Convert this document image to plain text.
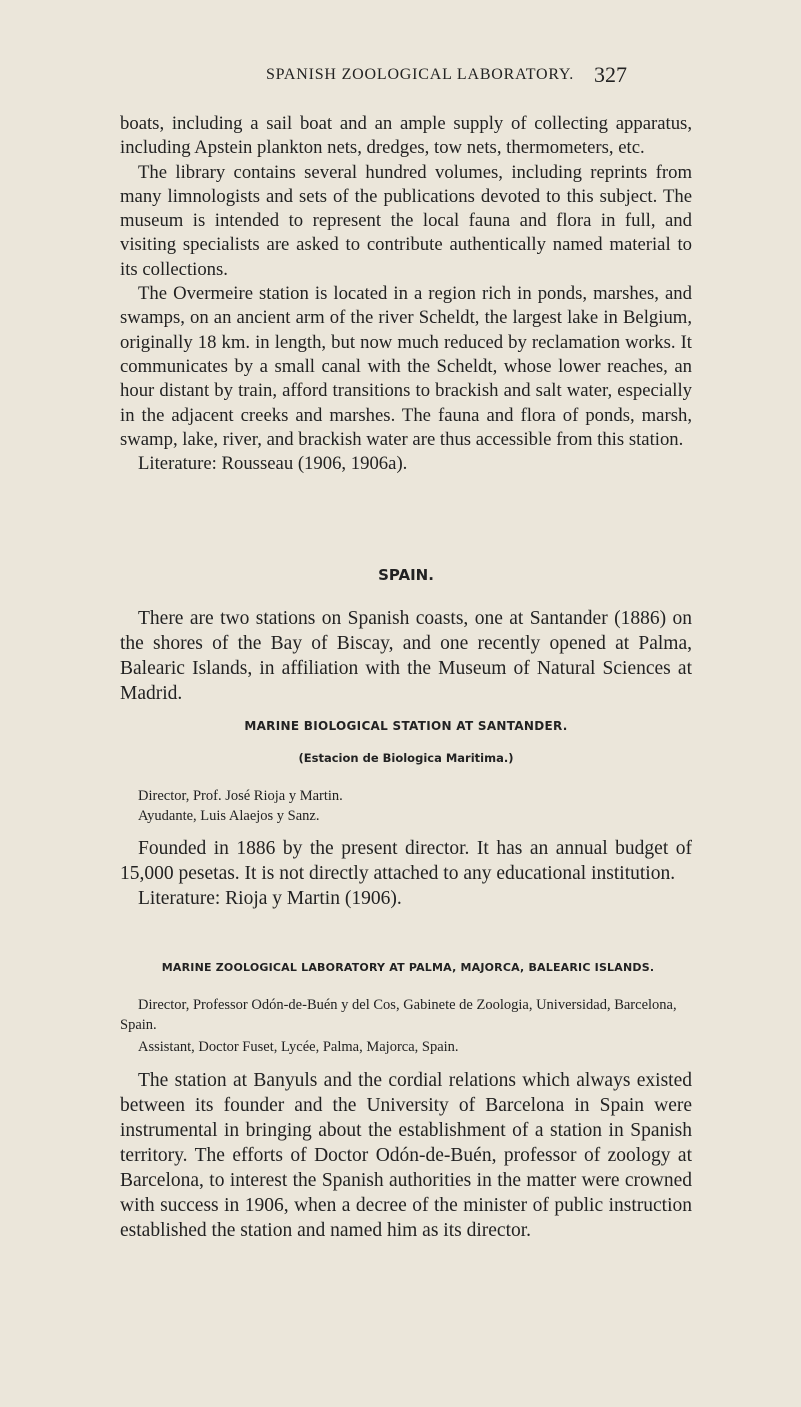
SPANISH ZOOLOGICAL LABORATORY. 327

boats, including a sail boat and an ample supply of collecting apparatus, including Apstein plankton nets, dredges, tow nets, thermometers, etc.

The library contains several hundred volumes, including reprints from many limnologists and sets of the publications devoted to this subject. The museum is intended to represent the local fauna and flora in full, and visiting specialists are asked to contribute authentically named material to its collections.

The Overmeire station is located in a region rich in ponds, marshes, and swamps, on an ancient arm of the river Scheldt, the largest lake in Belgium, originally 18 km. in length, but now much reduced by reclamation works. It communicates by a small canal with the Scheldt, whose lower reaches, an hour distant by train, afford transitions to brackish and salt water, especially in the adjacent creeks and marshes. The fauna and flora of ponds, marsh, swamp, lake, river, and brackish water are thus accessible from this station.

Literature: Rousseau (1906, 1906a).

SPAIN.

There are two stations on Spanish coasts, one at Santander (1886) on the shores of the Bay of Biscay, and one recently opened at Palma, Balearic Islands, in affiliation with the Museum of Natural Sciences at Madrid.

MARINE BIOLOGICAL STATION AT SANTANDER.
(Estacion de Biologica Maritima.)

Director, Prof. José Rioja y Martin.

Ayudante, Luis Alaejos y Sanz.

Founded in 1886 by the present director. It has an annual budget of 15,000 pesetas. It is not directly attached to any educational institution.

Literature: Rioja y Martin (1906).

MARINE ZOOLOGICAL LABORATORY AT PALMA, MAJORCA, BALEARIC ISLANDS.

Director, Professor Odón-de-Buén y del Cos, Gabinete de Zoologia, Universidad, Barcelona, Spain.

Assistant, Doctor Fuset, Lycée, Palma, Majorca, Spain.

The station at Banyuls and the cordial relations which always existed between its founder and the University of Barcelona in Spain were instrumental in bringing about the establishment of a station in Spanish territory. The efforts of Doctor Odón-de-Buén, professor of zoology at Barcelona, to interest the Spanish authorities in the matter were crowned with success in 1906, when a decree of the minister of public instruction established the station and named him as its director.
